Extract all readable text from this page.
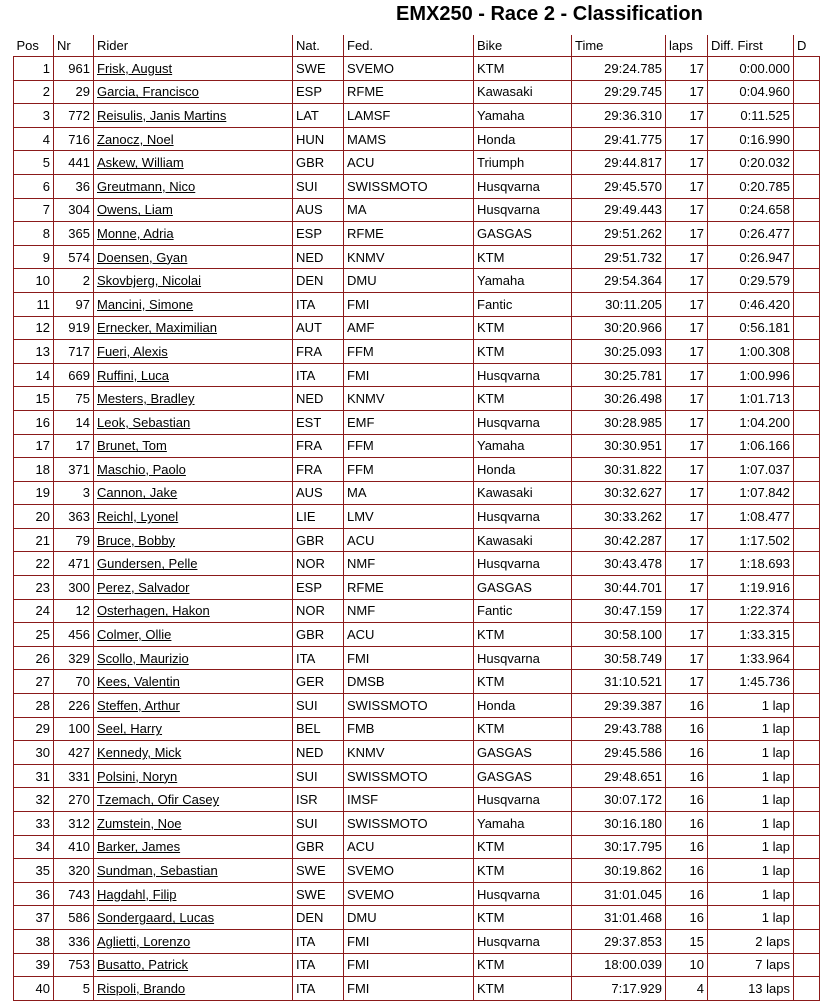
EMX250 - Race 2 - Classification
Pos	Nr	Rider	Nat.	Fed.	Bike	Time	laps	Diff. First	D
1	961	Frisk, August	SWE	SVEMO	KTM	29:24.785	17	0:00.000	
2	29	Garcia, Francisco	ESP	RFME	Kawasaki	29:29.745	17	0:04.960	
3	772	Reisulis, Janis Martins	LAT	LAMSF	Yamaha	29:36.310	17	0:11.525	
4	716	Zanocz, Noel	HUN	MAMS	Honda	29:41.775	17	0:16.990	
5	441	Askew, William	GBR	ACU	Triumph	29:44.817	17	0:20.032	
6	36	Greutmann, Nico	SUI	SWISSMOTO	Husqvarna	29:45.570	17	0:20.785	
7	304	Owens, Liam	AUS	MA	Husqvarna	29:49.443	17	0:24.658	
8	365	Monne, Adria	ESP	RFME	GASGAS	29:51.262	17	0:26.477	
9	574	Doensen, Gyan	NED	KNMV	KTM	29:51.732	17	0:26.947	
10	2	Skovbjerg, Nicolai	DEN	DMU	Yamaha	29:54.364	17	0:29.579	
11	97	Mancini, Simone	ITA	FMI	Fantic	30:11.205	17	0:46.420	
12	919	Ernecker, Maximilian	AUT	AMF	KTM	30:20.966	17	0:56.181	
13	717	Fueri, Alexis	FRA	FFM	KTM	30:25.093	17	1:00.308	
14	669	Ruffini, Luca	ITA	FMI	Husqvarna	30:25.781	17	1:00.996	
15	75	Mesters, Bradley	NED	KNMV	KTM	30:26.498	17	1:01.713	
16	14	Leok, Sebastian	EST	EMF	Husqvarna	30:28.985	17	1:04.200	
17	17	Brunet, Tom	FRA	FFM	Yamaha	30:30.951	17	1:06.166	
18	371	Maschio, Paolo	FRA	FFM	Honda	30:31.822	17	1:07.037	
19	3	Cannon, Jake	AUS	MA	Kawasaki	30:32.627	17	1:07.842	
20	363	Reichl, Lyonel	LIE	LMV	Husqvarna	30:33.262	17	1:08.477	
21	79	Bruce, Bobby	GBR	ACU	Kawasaki	30:42.287	17	1:17.502	
22	471	Gundersen, Pelle	NOR	NMF	Husqvarna	30:43.478	17	1:18.693	
23	300	Perez, Salvador	ESP	RFME	GASGAS	30:44.701	17	1:19.916	
24	12	Osterhagen, Hakon	NOR	NMF	Fantic	30:47.159	17	1:22.374	
25	456	Colmer, Ollie	GBR	ACU	KTM	30:58.100	17	1:33.315	
26	329	Scollo, Maurizio	ITA	FMI	Husqvarna	30:58.749	17	1:33.964	
27	70	Kees, Valentin	GER	DMSB	KTM	31:10.521	17	1:45.736	
28	226	Steffen, Arthur	SUI	SWISSMOTO	Honda	29:39.387	16	1 lap	
29	100	Seel, Harry	BEL	FMB	KTM	29:43.788	16	1 lap	
30	427	Kennedy, Mick	NED	KNMV	GASGAS	29:45.586	16	1 lap	
31	331	Polsini, Noryn	SUI	SWISSMOTO	GASGAS	29:48.651	16	1 lap	
32	270	Tzemach, Ofir Casey	ISR	IMSF	Husqvarna	30:07.172	16	1 lap	
33	312	Zumstein, Noe	SUI	SWISSMOTO	Yamaha	30:16.180	16	1 lap	
34	410	Barker, James	GBR	ACU	KTM	30:17.795	16	1 lap	
35	320	Sundman, Sebastian	SWE	SVEMO	KTM	30:19.862	16	1 lap	
36	743	Hagdahl, Filip	SWE	SVEMO	Husqvarna	31:01.045	16	1 lap	
37	586	Sondergaard, Lucas	DEN	DMU	KTM	31:01.468	16	1 lap	
38	336	Aglietti, Lorenzo	ITA	FMI	Husqvarna	29:37.853	15	2 laps	
39	753	Busatto, Patrick	ITA	FMI	KTM	18:00.039	10	7 laps	
40	5	Rispoli, Brando	ITA	FMI	KTM	7:17.929	4	13 laps	
